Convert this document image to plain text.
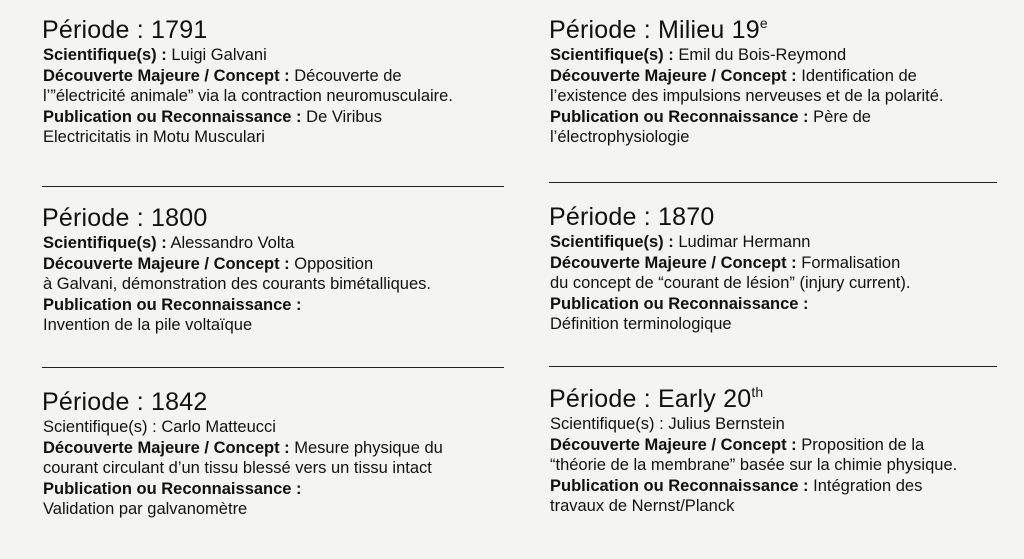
Période : 1791
Scientifique(s) : Luigi Galvani
Découverte Majeure / Concept : Découverte de
l’”électricité animale” via la contraction neuromusculaire.
Publication ou Reconnaissance : De Viribus
Electricitatis in Motu Musculari
Période : 1800
Scientifique(s) : Alessandro Volta
Découverte Majeure / Concept : Opposition
à Galvani, démonstration des courants bimétalliques.
Publication ou Reconnaissance :
Invention de la pile voltaïque
Période : 1842
Scientifique(s) : Carlo Matteucci
Découverte Majeure / Concept : Mesure physique du
courant circulant d’un tissu blessé vers un tissu intact
Publication ou Reconnaissance :
Validation par galvanomètre
Période : Milieu 19e
Scientifique(s) : Emil du Bois-Reymond
Découverte Majeure / Concept : Identification de
l’existence des impulsions nerveuses et de la polarité.
Publication ou Reconnaissance : Père de
l’électrophysiologie
Période : 1870
Scientifique(s) : Ludimar Hermann
Découverte Majeure / Concept : Formalisation
du concept de “courant de lésion” (injury current).
Publication ou Reconnaissance :
Définition terminologique
Période : Early 20th
Scientifique(s) : Julius Bernstein
Découverte Majeure / Concept : Proposition de la
“théorie de la membrane” basée sur la chimie physique.
Publication ou Reconnaissance : Intégration des
travaux de Nernst/Planck
